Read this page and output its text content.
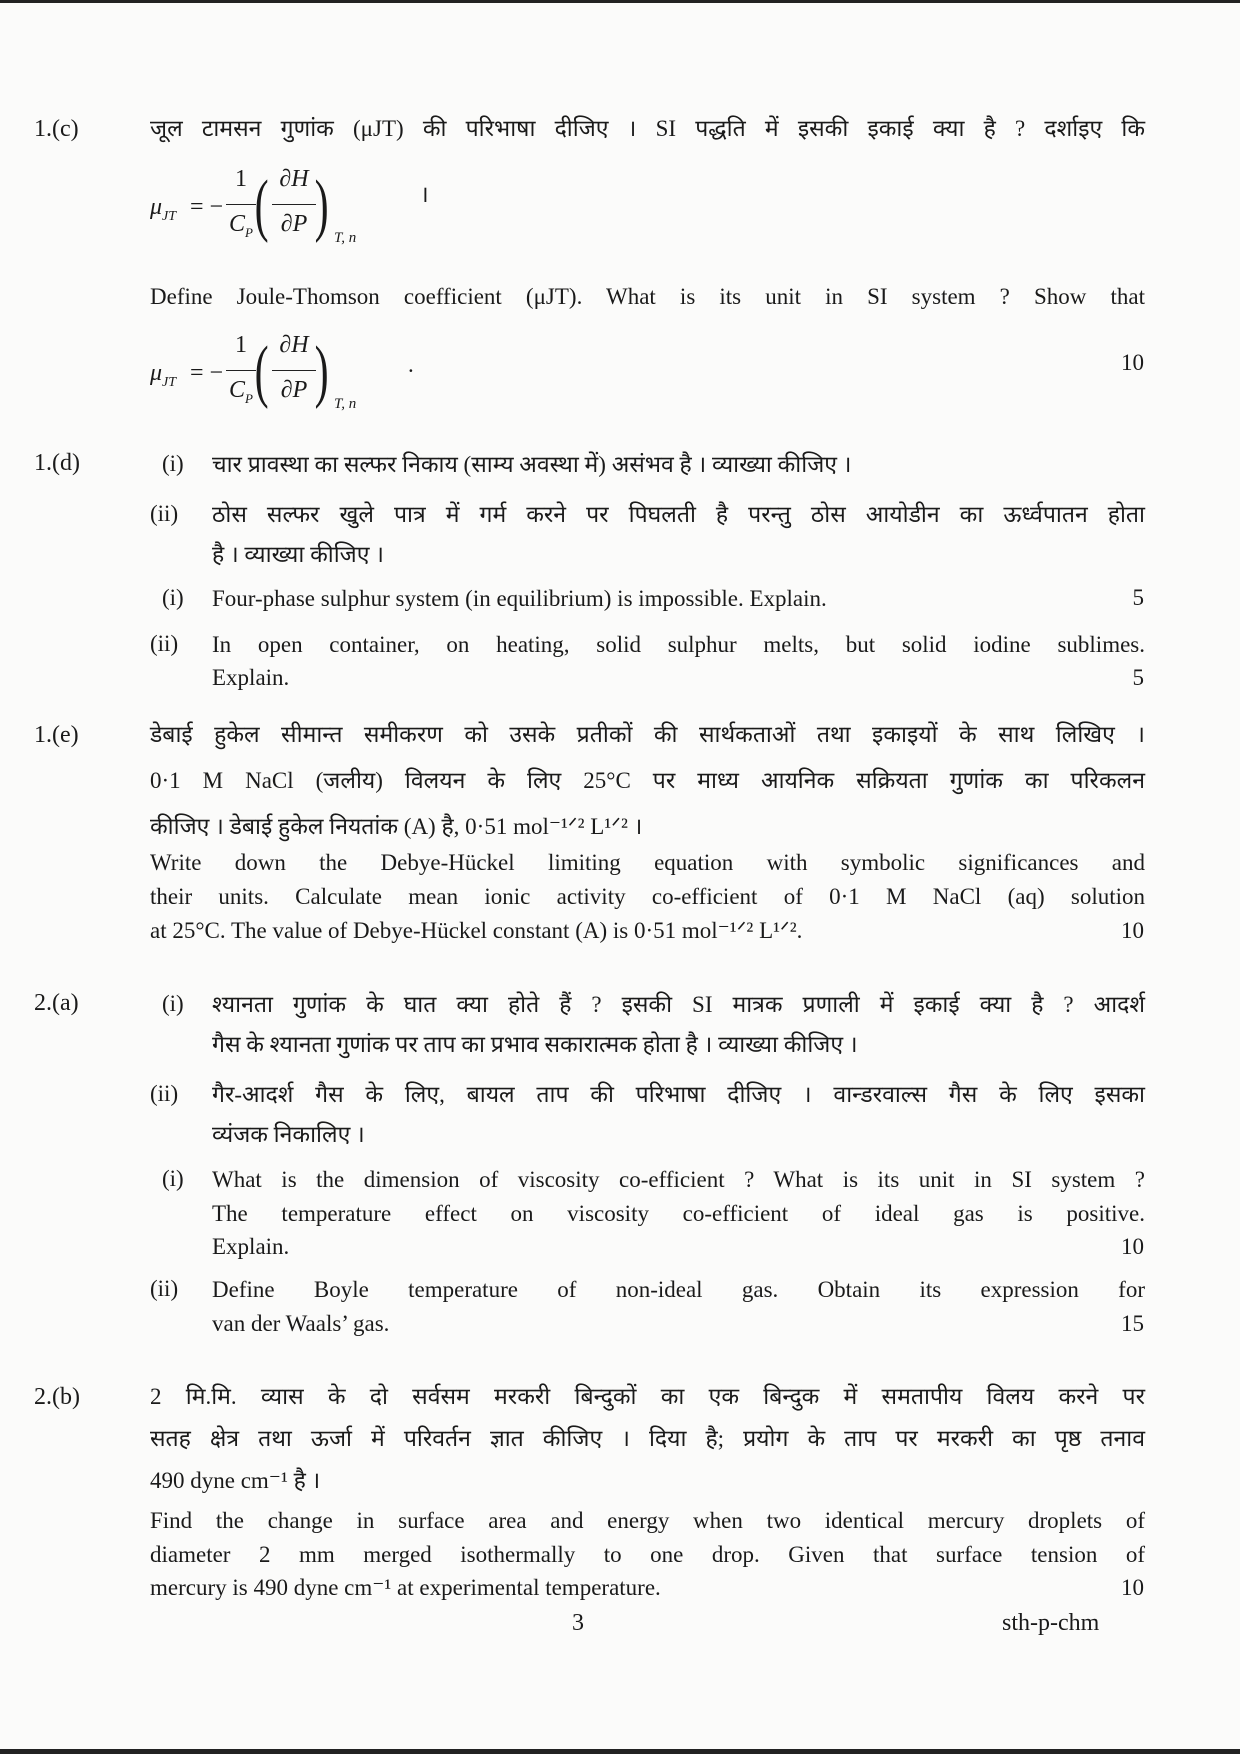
1.(c)	जूल टामसन गुणांक (μJT) की परिभाषा दीजिए । SI पद्धति में इसकी इकाई क्या है ? दर्शाइए कि
$\mu_{JT}$ = −
1
$C_P$ ( ∂H
∂P ) T, n
।
Define Joule-Thomson coefficient (μJT). What is its unit in SI system ? Show that
$\mu_{JT}$ = −
1
$C_P$ ( ∂H
∂P ) T, n
.	10
1.(d)	(i) चार प्रावस्था का सल्फर निकाय (साम्य अवस्था में) असंभव है । व्याख्या कीजिए ।
(ii) ठोस सल्फर खुले पात्र में गर्म करने पर पिघलती है परन्तु ठोस आयोडीन का ऊर्ध्वपातन होता
है । व्याख्या कीजिए ।
(i) Four-phase sulphur system (in equilibrium) is impossible. Explain.	5
(ii) In open container, on heating, solid sulphur melts, but solid iodine sublimes.
Explain.	5
1.(e)	डेबाई हुकेल सीमान्त समीकरण को उसके प्रतीकों की सार्थकताओं तथा इकाइयों के साथ लिखिए ।
0·1 M NaCl (जलीय) विलयन के लिए 25°C पर माध्य आयनिक सक्रियता गुणांक का परिकलन
कीजिए । डेबाई हुकेल नियतांक (A) है, 0·51 mol⁻¹ᐟ² L¹ᐟ² ।
Write down the Debye-Hückel limiting equation with symbolic significances and
their units. Calculate mean ionic activity co-efficient of 0·1 M NaCl (aq) solution
at 25°C. The value of Debye-Hückel constant (A) is 0·51 mol⁻¹ᐟ² L¹ᐟ².	10
2.(a)	(i) श्यानता गुणांक के घात क्या होते हैं ? इसकी SI मात्रक प्रणाली में इकाई क्या है ? आदर्श
गैस के श्यानता गुणांक पर ताप का प्रभाव सकारात्मक होता है । व्याख्या कीजिए ।
(ii) गैर-आदर्श गैस के लिए, बायल ताप की परिभाषा दीजिए । वान्डरवाल्स गैस के लिए इसका
व्यंजक निकालिए ।
(i) What is the dimension of viscosity co-efficient ? What is its unit in SI system ?
The temperature effect on viscosity co-efficient of ideal gas is positive.
Explain.	10
(ii) Define Boyle temperature of non-ideal gas. Obtain its expression for
van der Waals’ gas.	15
2.(b)	2 मि.मि. व्यास के दो सर्वसम मरकरी बिन्दुकों का एक बिन्दुक में समतापीय विलय करने पर
सतह क्षेत्र तथा ऊर्जा में परिवर्तन ज्ञात कीजिए । दिया है; प्रयोग के ताप पर मरकरी का पृष्ठ तनाव
490 dyne cm⁻¹ है ।
Find the change in surface area and energy when two identical mercury droplets of
diameter 2 mm merged isothermally to one drop. Given that surface tension of
mercury is 490 dyne cm⁻¹ at experimental temperature.	10
3	sth-p-chm
